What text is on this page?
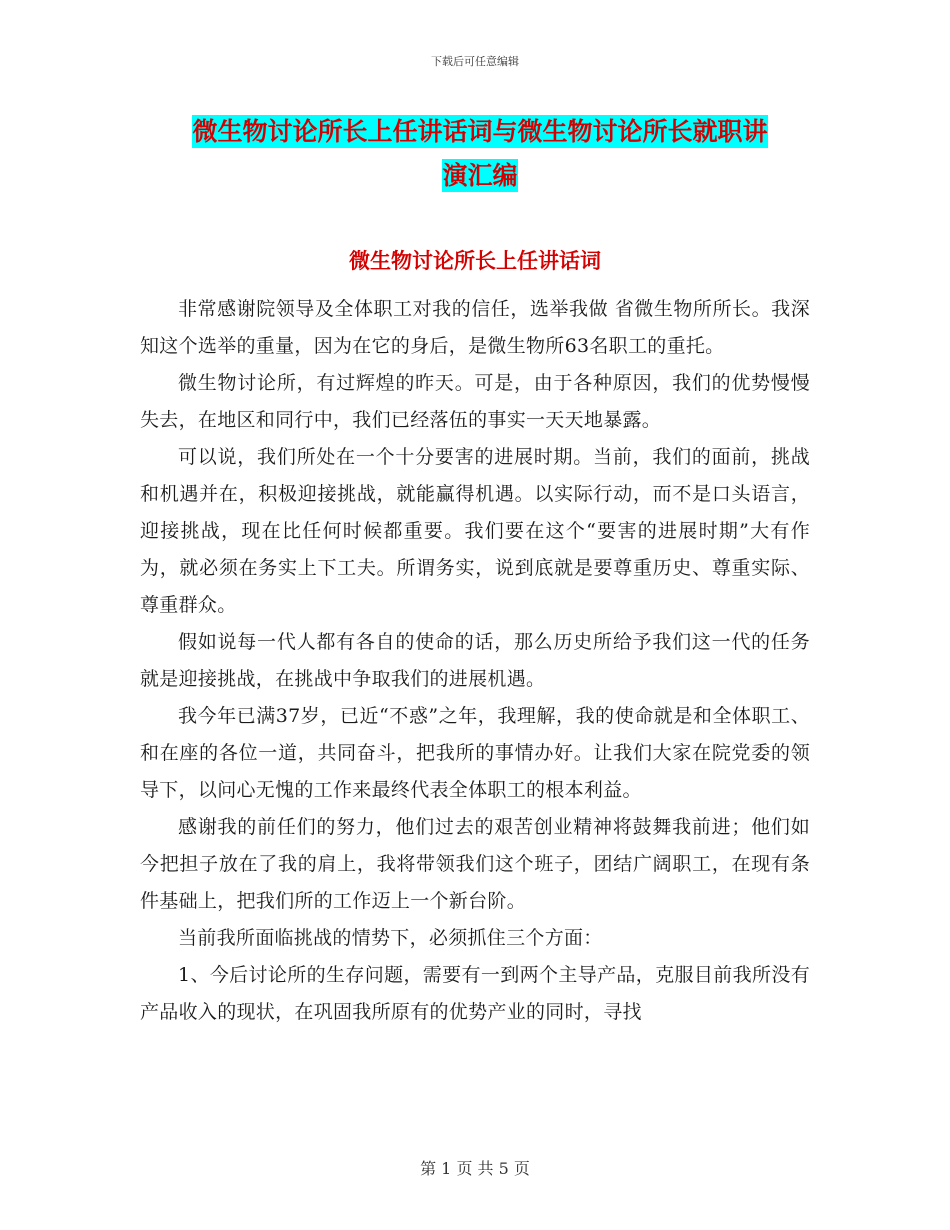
下载后可任意编辑
微生物讨论所长上任讲话词与微生物讨论所长就职讲
演汇编
微生物讨论所长上任讲话词

非常感谢院领导及全体职工对我的信任，选举我做 省微生物所所长。我深知这个选举的重量，因为在它的身后，是微生物所63名职工的重托。

微生物讨论所，有过辉煌的昨天。可是，由于各种原因，我们的优势慢慢失去，在地区和同行中，我们已经落伍的事实一天天地暴露。

可以说，我们所处在一个十分要害的进展时期。当前，我们的面前，挑战和机遇并在，积极迎接挑战，就能赢得机遇。以实际行动，而不是口头语言，迎接挑战，现在比任何时候都重要。我们要在这个“要害的进展时期”大有作为，就必须在务实上下工夫。所谓务实，说到底就是要尊重历史、尊重实际、尊重群众。

假如说每一代人都有各自的使命的话，那么历史所给予我们这一代的任务就是迎接挑战，在挑战中争取我们的进展机遇。

我今年已满37岁，已近“不惑”之年，我理解，我的使命就是和全体职工、和在座的各位一道，共同奋斗，把我所的事情办好。让我们大家在院党委的领导下，以问心无愧的工作来最终代表全体职工的根本利益。

感谢我的前任们的努力，他们过去的艰苦创业精神将鼓舞我前进；他们如今把担子放在了我的肩上，我将带领我们这个班子，团结广阔职工，在现有条件基础上，把我们所的工作迈上一个新台阶。

当前我所面临挑战的情势下，必须抓住三个方面：

1、今后讨论所的生存问题，需要有一到两个主导产品，克服目前我所没有产品收入的现状，在巩固我所原有的优势产业的同时，寻找

第 1 页 共 5 页
